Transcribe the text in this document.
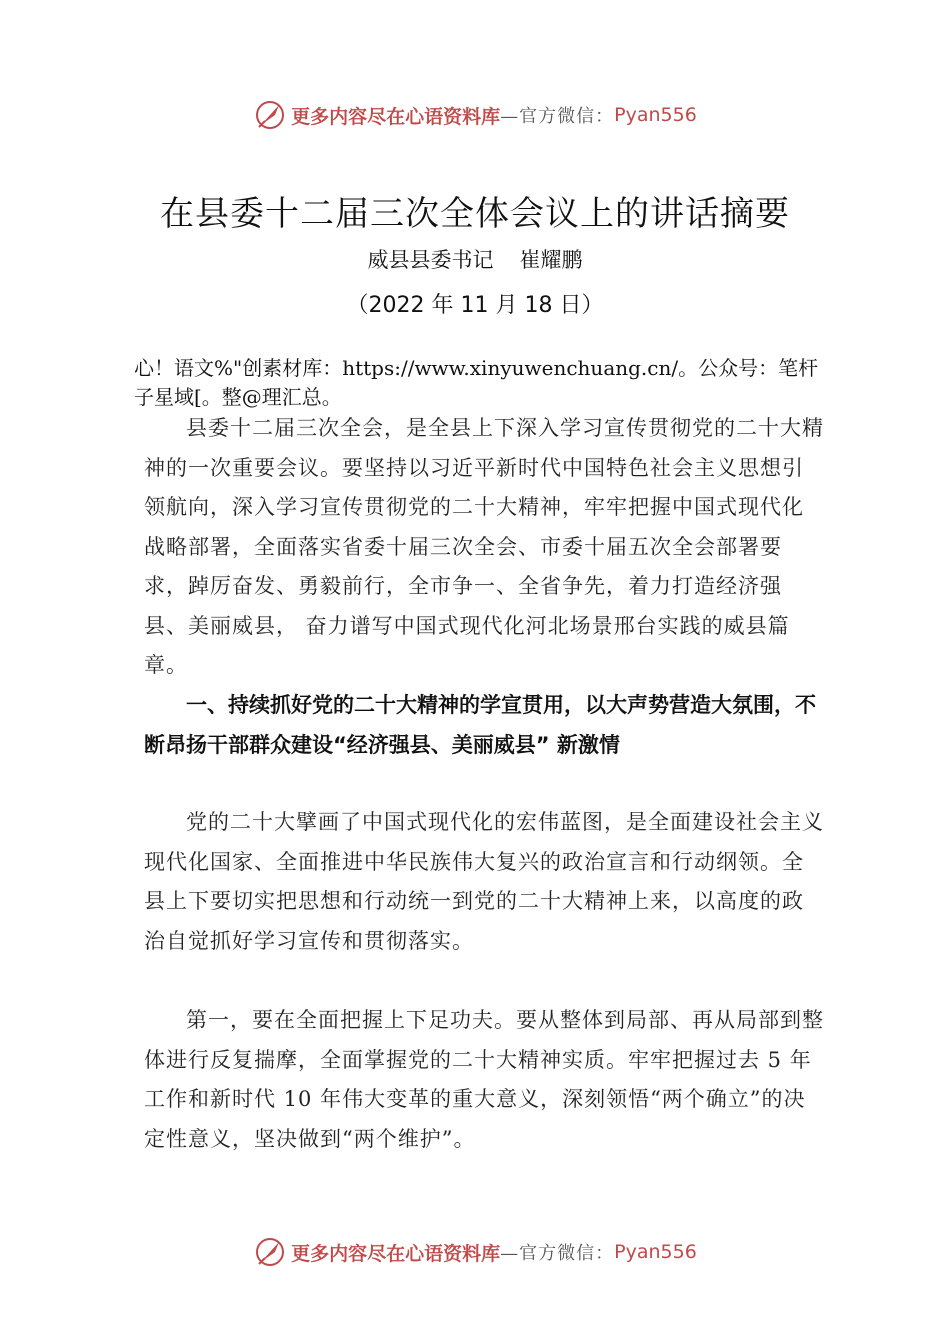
更多内容尽在心语资料库 —官方微信： Pyan556
在县委十二届三次全体会议上的讲话摘要
威县县委书记 崔耀鹏
（2022 年 11 月 18 日）
心！语文%"创素材库：https://www.xinyuwenchuang.cn/。公众号：笔杆子星域[。整@理汇总。

县委十二届三次全会，是全县上下深入学习宣传贯彻党的二十大精神的一次重要会议。要坚持以习近平新时代中国特色社会主义思想引领航向，深入学习宣传贯彻党的二十大精神，牢牢把握中国式现代化战略部署，全面落实省委十届三次全会、市委十届五次全会部署要求，踔厉奋发、勇毅前行，全市争一、全省争先，着力打造经济强县、美丽威县， 奋力谱写中国式现代化河北场景邢台实践的威县篇章。

一、持续抓好党的二十大精神的学宣贯用，以大声势营造大氛围，不断昂扬干部群众建设“经济强县、美丽威县” 新激情

党的二十大擘画了中国式现代化的宏伟蓝图，是全面建设社会主义现代化国家、全面推进中华民族伟大复兴的政治宣言和行动纲领。全县上下要切实把思想和行动统一到党的二十大精神上来，以高度的政治自觉抓好学习宣传和贯彻落实。

第一，要在全面把握上下足功夫。要从整体到局部、再从局部到整体进行反复揣摩，全面掌握党的二十大精神实质。牢牢把握过去 5 年工作和新时代 10 年伟大变革的重大意义，深刻领悟“两个确立”的决定性意义，坚决做到“两个维护”。

更多内容尽在心语资料库 —官方微信： Pyan556
